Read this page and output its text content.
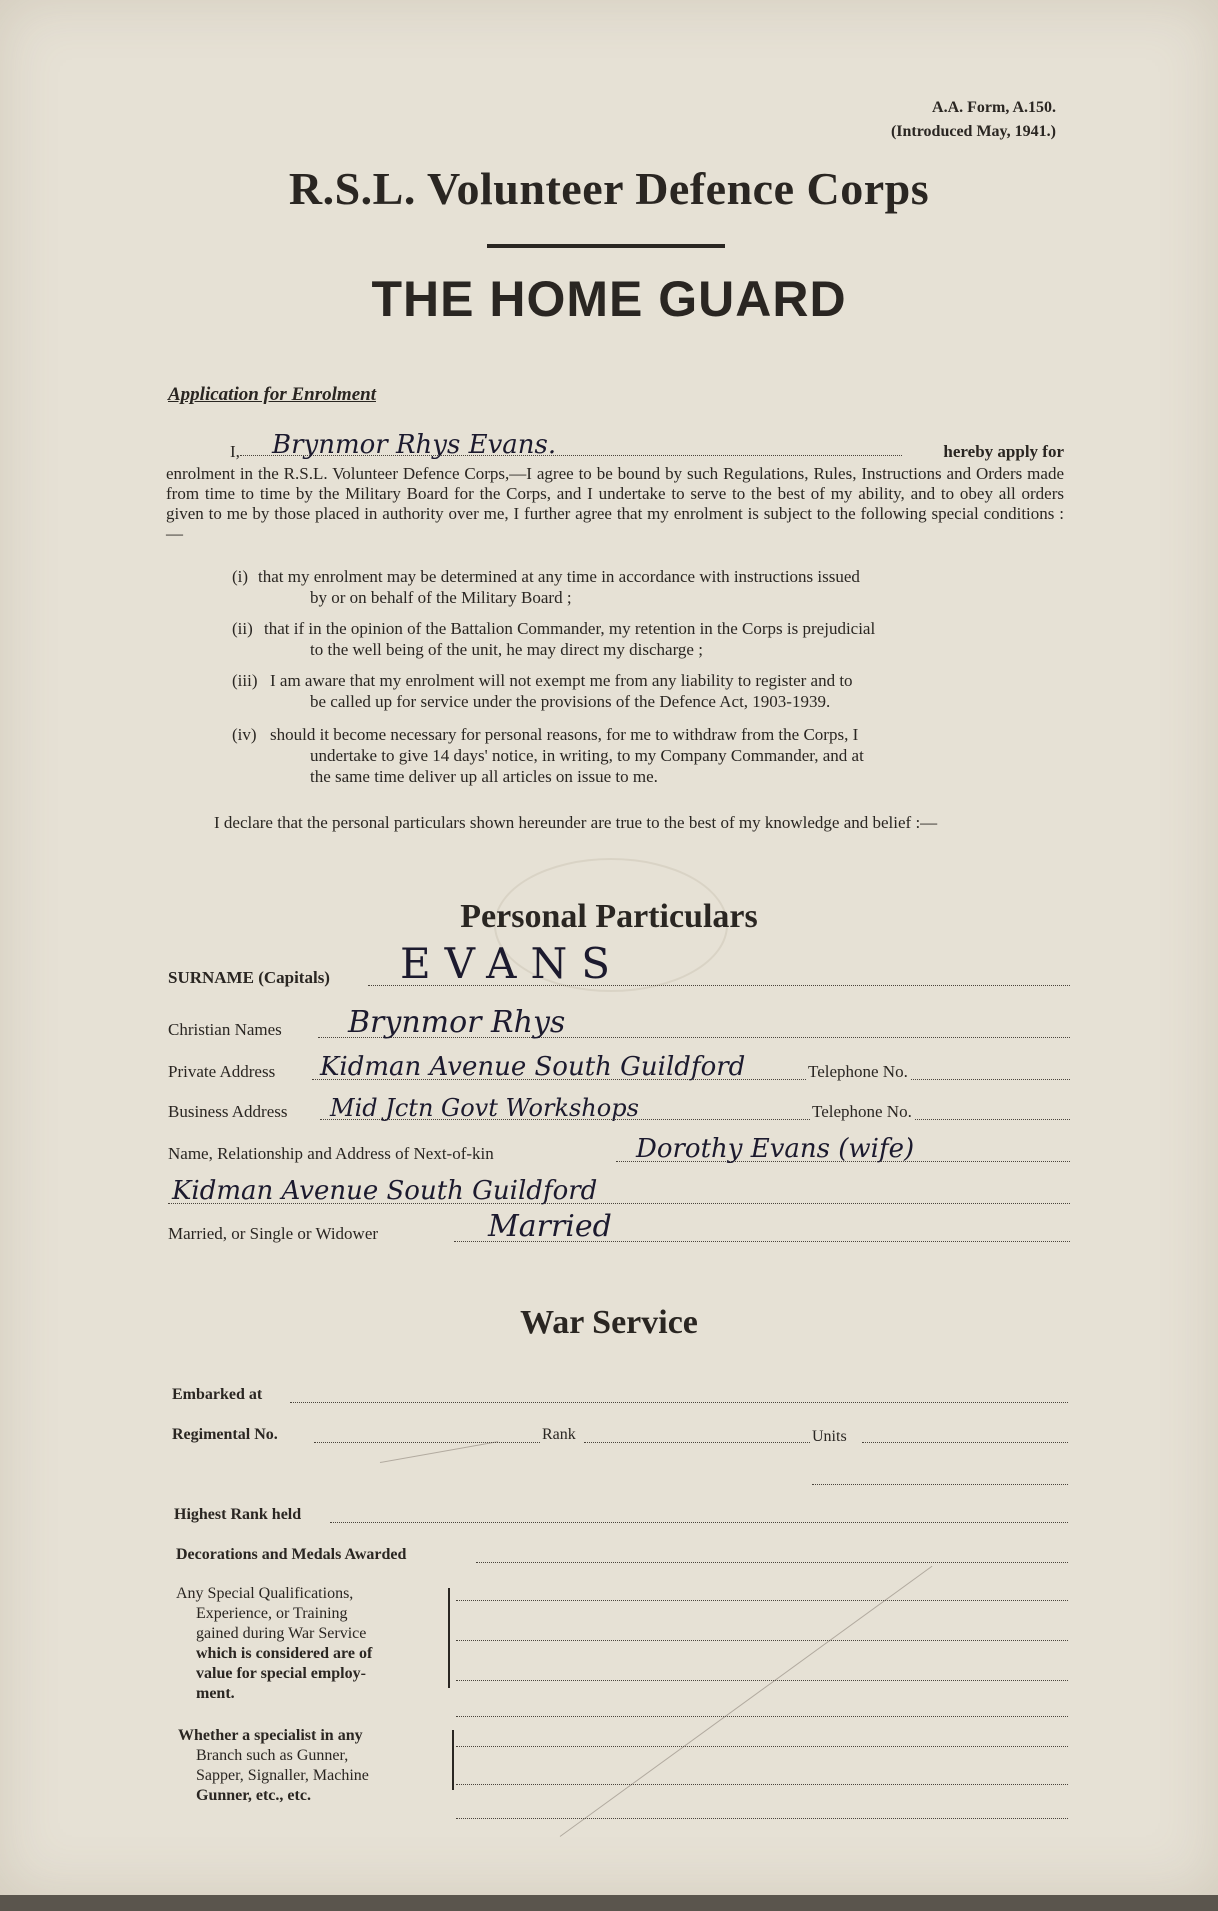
A.A. Form, A.150.
(Introduced May, 1941.)
R.S.L. Volunteer Defence Corps
THE HOME GUARD
Application for Enrolment
I, Brynmor Rhys Evans.	hereby apply for
enrolment in the R.S.L. Volunteer Defence Corps,—I agree to be bound by such Regulations, Rules, Instructions and Orders made from time to time by the Military Board for the Corps, and I undertake to serve to the best of my ability, and to obey all orders given to me by those placed in authority over me, I further agree that my enrolment is subject to the following special conditions :—
(i) that my enrolment may be determined at any time in accordance with instructions issued
by or on behalf of the Military Board ;
(ii) that if in the opinion of the Battalion Commander, my retention in the Corps is prejudicial
to the well being of the unit, he may direct my discharge ;
(iii) I am aware that my enrolment will not exempt me from any liability to register and to
be called up for service under the provisions of the Defence Act, 1903-1939.
(iv) should it become necessary for personal reasons, for me to withdraw from the Corps, I
undertake to give 14 days' notice, in writing, to my Company Commander, and at
the same time deliver up all articles on issue to me.
I declare that the personal particulars shown hereunder are true to the best of my knowledge and belief :—
Personal Particulars
SURNAME (Capitals) EVANS
Christian Names Brynmor Rhys
Private Address Kidman Avenue South Guildford	Telephone No.
Business Address Mid Jctn Govt Workshops	Telephone No.
Name, Relationship and Address of Next-of-kin	Dorothy Evans (wife)
Kidman Avenue South Guildford
Married, or Single or Widower	Married
War Service
Embarked at
Regimental No.	Rank	Units
Highest Rank held
Decorations and Medals Awarded
Any Special Qualifications,
Experience, or Training
gained during War Service
which is considered are of
value for special employ-
ment.
Whether a specialist in any
Branch such as Gunner,
Sapper, Signaller, Machine
Gunner, etc., etc.
